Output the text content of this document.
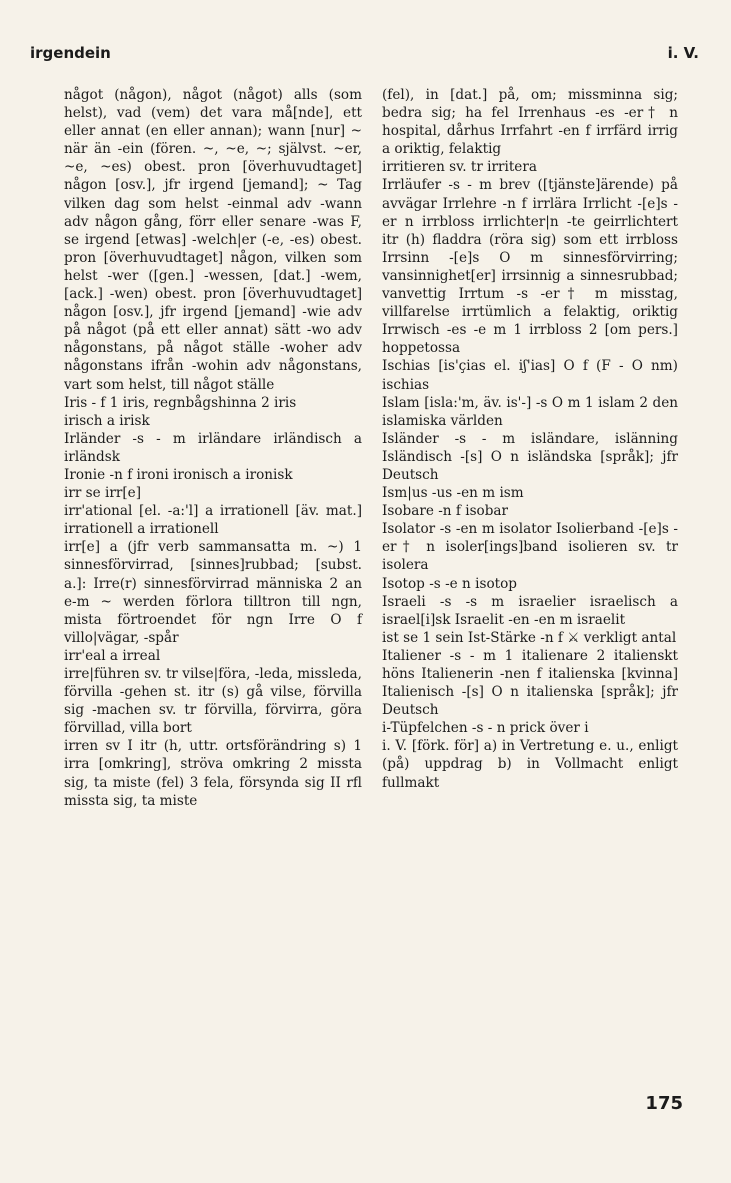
irgendein	i. V.

något (någon), något (något) alls (som helst), vad (vem) det vara må[nde], ett eller annat (en eller annan); wann [nur] ~ när än -ein (fören. ~, ~e, ~; självst. ~er, ~e, ~es) obest. pron [överhuvudtaget] någon [osv.], jfr irgend [jemand]; ~ Tag vilken dag som helst -einmal adv -wann adv någon gång, förr eller senare -was F, se irgend [etwas] -welch|er (-e, -es) obest. pron [överhuvudtaget] någon, vilken som helst -wer ([gen.] -wessen, [dat.] -wem, [ack.] -wen) obest. pron [överhuvudtaget] någon [osv.], jfr irgend [jemand] -wie adv på något (på ett eller annat) sätt -wo adv någonstans, på något ställe -woher adv någonstans ifrån -wohin adv någonstans, vart som helst, till något ställe

Iris - f 1 iris, regnbågshinna 2 iris

irisch a irisk

Irländer -s - m irländare irländisch a irländsk

Ironie -n f ironi ironisch a ironisk

irr se irr[e]

irr'ational [el. -a:'l] a irrationell [äv. mat.] irrationell a irrationell

irr[e] a (jfr verb sammansatta m. ~) 1 sinnesförvirrad, [sinnes]rubbad; [subst. a.]: Irre(r) sinnesförvirrad människa 2 an e-m ~ werden förlora tilltron till ngn, mista förtroendet för ngn Irre O f villo|vägar, -spår

irr'eal a irreal

irre|führen sv. tr vilse|föra, -leda, missleda, förvilla -gehen st. itr (s) gå vilse, förvilla sig -machen sv. tr förvilla, förvirra, göra förvillad, villa bort

irren sv I itr (h, uttr. ortsförändring s) 1 irra [omkring], ströva omkring 2 missta sig, ta miste (fel) 3 fela, försynda sig II rfl missta sig, ta miste

(fel), in [dat.] på, om; missminna sig; bedra sig; ha fel Irrenhaus -es -er† n hospital, dårhus Irrfahrt -en f irrfärd irrig a oriktig, felaktig

irritieren sv. tr irritera

Irrläufer -s - m brev ([tjänste]ärende) på avvägar Irrlehre -n f irrlära Irrlicht -[e]s -er n irrbloss irrlichter|n -te geirrlichtert itr (h) fladdra (röra sig) som ett irrbloss Irrsinn -[e]s O m sinnesförvirring; vansinnighet[er] irrsinnig a sinnesrubbad; vanvettig Irrtum -s -er† m misstag, villfarelse irrtümlich a felaktig, oriktig Irrwisch -es -e m 1 irrbloss 2 [om pers.] hoppetossa

Ischias [is'çias el. iʃ'ias] O f (F - O nm) ischias

Islam [isla:'m, äv. is'-] -s O m 1 islam 2 den islamiska världen

Isländer -s - m isländare, islänning Isländisch -[s] O n isländska [språk]; jfr Deutsch

Ism|us -us -en m ism

Isobare -n f isobar

Isolator -s -en m isolator Isolierband -[e]s -er† n isoler[ings]band isolieren sv. tr isolera

Isotop -s -e n isotop

Israeli -s -s m israelier israelisch a israel[i]sk Israelit -en -en m israelit

ist se 1 sein Ist-Stärke -n f ⚔ verkligt antal

Italiener -s - m 1 italienare 2 italienskt höns Italienerin -nen f italienska [kvinna] Italienisch -[s] O n italienska [språk]; jfr Deutsch

i-Tüpfelchen -s - n prick över i

i. V. [förk. för] a) in Vertretung e. u., enligt (på) uppdrag b) in Vollmacht enligt fullmakt

175
